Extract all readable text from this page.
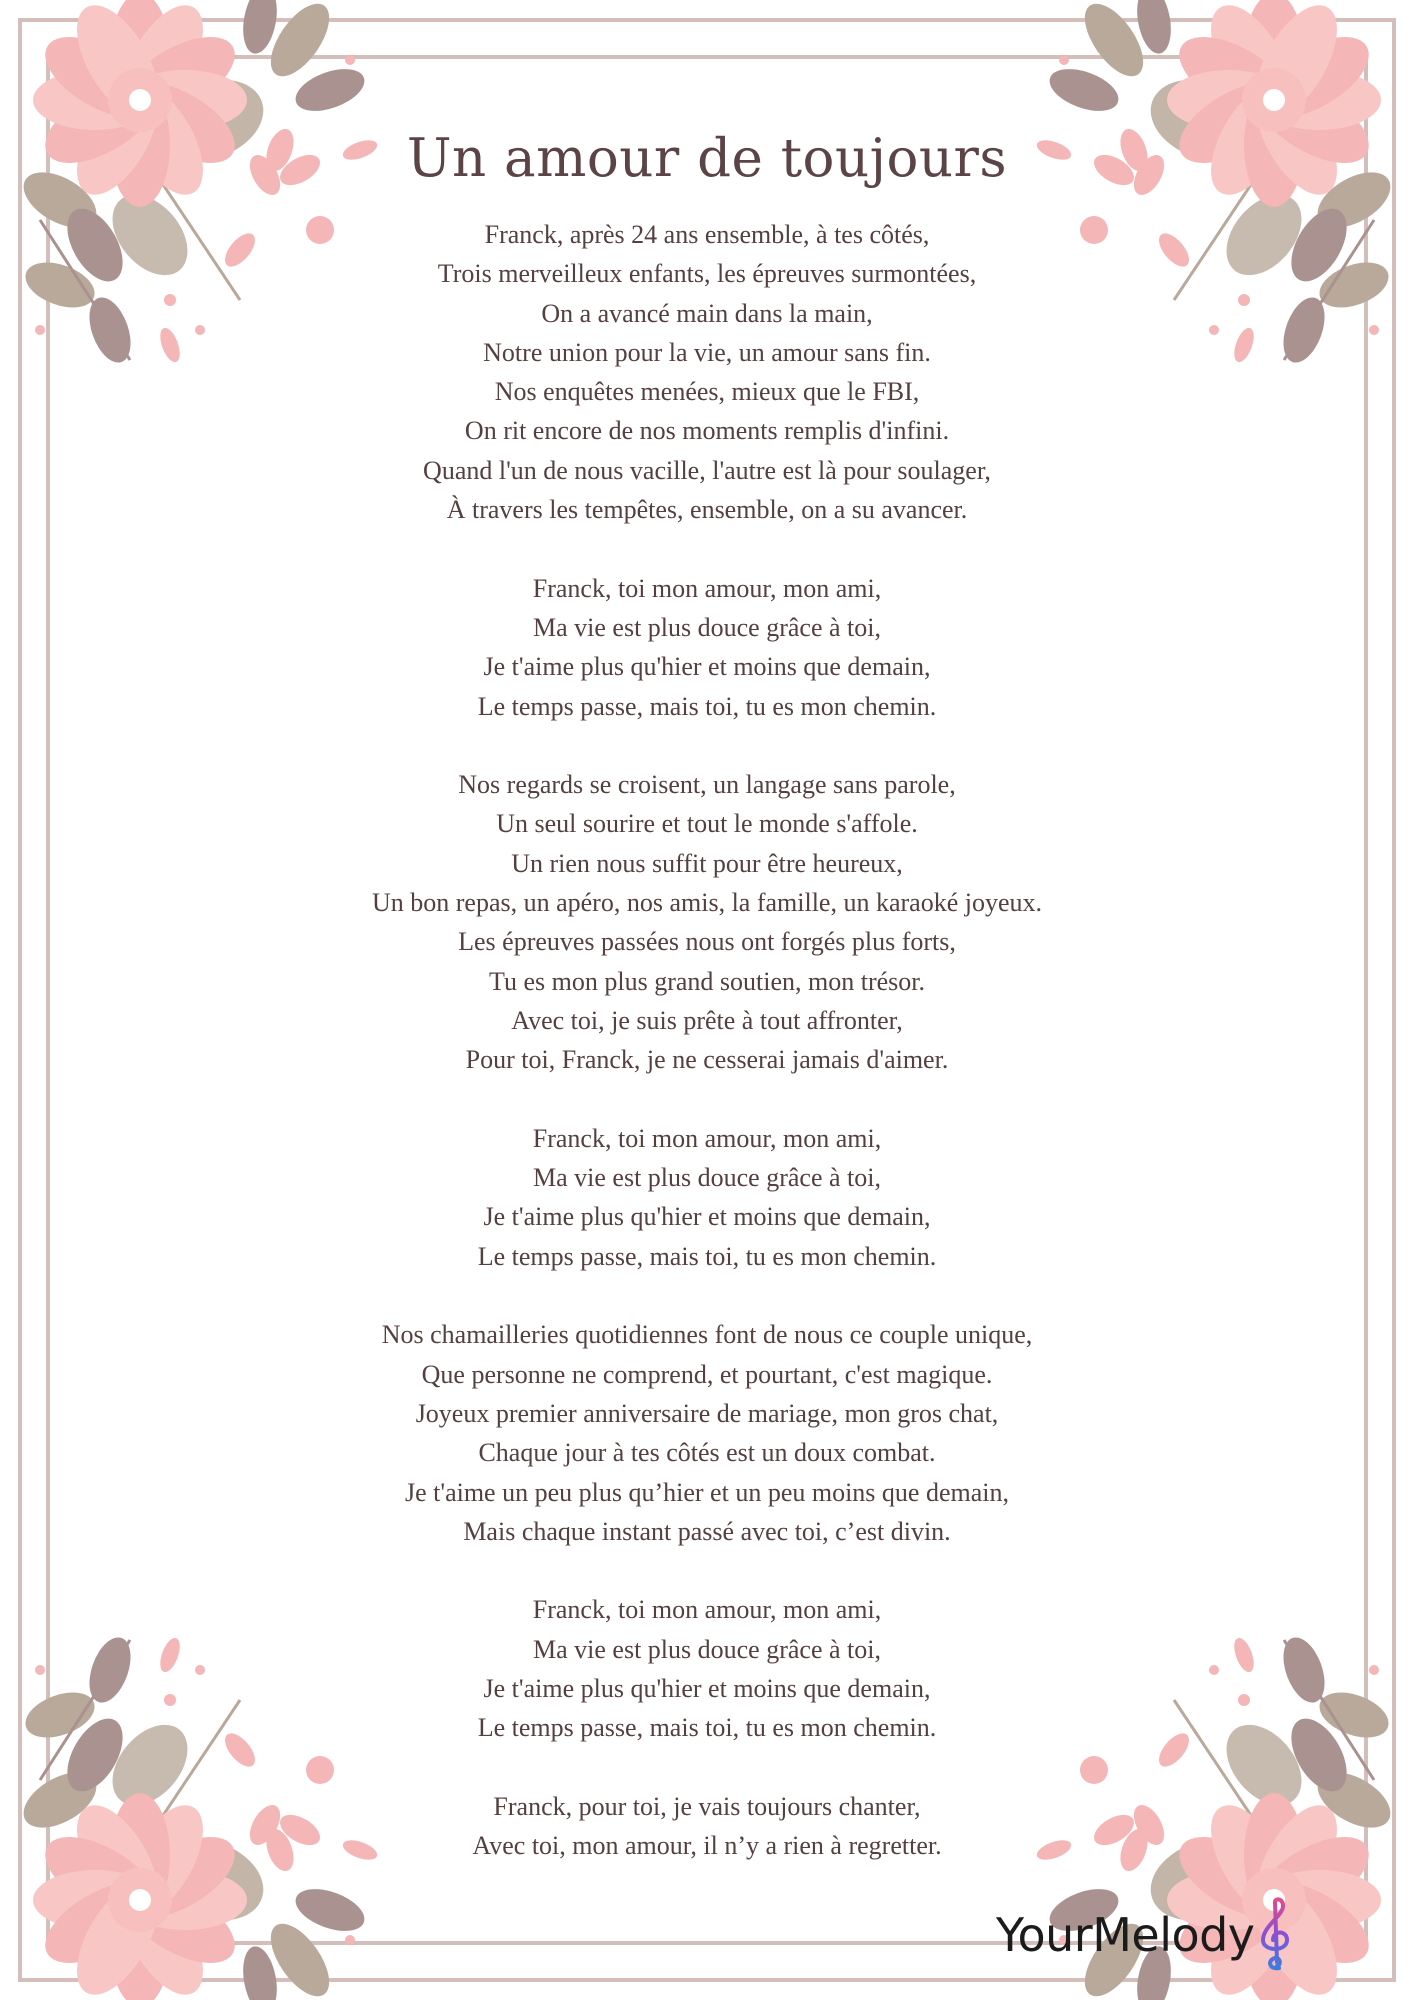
Un amour de toujours
Franck, après 24 ans ensemble, à tes côtés,
Trois merveilleux enfants, les épreuves surmontées,
On a avancé main dans la main,
Notre union pour la vie, un amour sans fin.
Nos enquêtes menées, mieux que le FBI,
On rit encore de nos moments remplis d'infini.
Quand l'un de nous vacille, l'autre est là pour soulager,
À travers les tempêtes, ensemble, on a su avancer.
Franck, toi mon amour, mon ami,
Ma vie est plus douce grâce à toi,
Je t'aime plus qu'hier et moins que demain,
Le temps passe, mais toi, tu es mon chemin.
Nos regards se croisent, un langage sans parole,
Un seul sourire et tout le monde s'affole.
Un rien nous suffit pour être heureux,
Un bon repas, un apéro, nos amis, la famille, un karaoké joyeux.
Les épreuves passées nous ont forgés plus forts,
Tu es mon plus grand soutien, mon trésor.
Avec toi, je suis prête à tout affronter,
Pour toi, Franck, je ne cesserai jamais d'aimer.
Franck, toi mon amour, mon ami,
Ma vie est plus douce grâce à toi,
Je t'aime plus qu'hier et moins que demain,
Le temps passe, mais toi, tu es mon chemin.
Nos chamailleries quotidiennes font de nous ce couple unique,
Que personne ne comprend, et pourtant, c'est magique.
Joyeux premier anniversaire de mariage, mon gros chat,
Chaque jour à tes côtés est un doux combat.
Je t'aime un peu plus qu’hier et un peu moins que demain,
Mais chaque instant passé avec toi, c’est divin.
Franck, toi mon amour, mon ami,
Ma vie est plus douce grâce à toi,
Je t'aime plus qu'hier et moins que demain,
Le temps passe, mais toi, tu es mon chemin.
Franck, pour toi, je vais toujours chanter,
Avec toi, mon amour, il n’y a rien à regretter.
YourMelody
